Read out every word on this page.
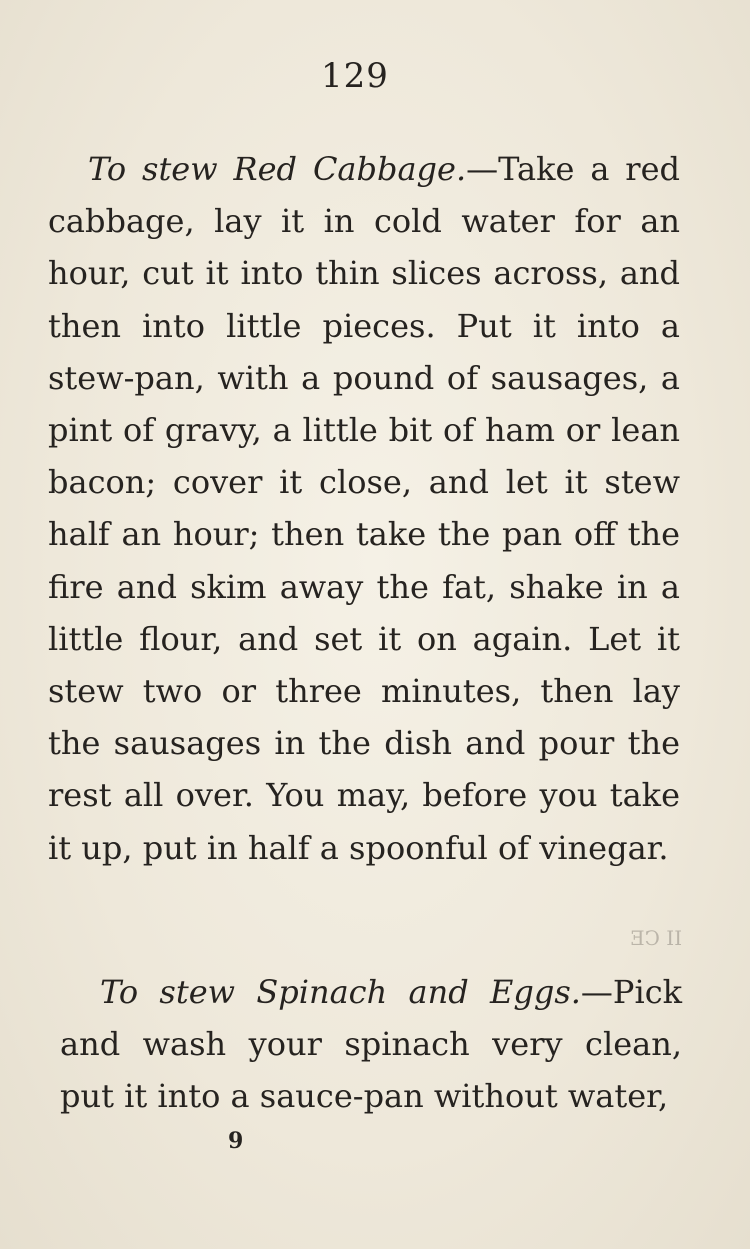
129

To stew Red Cabbage.—Take a red cabbage, lay it in cold water for an hour, cut it into thin slices across, and then into little pieces. Put it into a stew-pan, with a pound of sausages, a pint of gravy, a little bit of ham or lean bacon; cover it close, and let it stew half an hour; then take the pan off the fire and skim away the fat, shake in a little flour, and set it on again. Let it stew two or three minutes, then lay the sausages in the dish and pour the rest all over. You may, before you take it up, put in half a spoonful of vinegar.

II CE

To stew Spinach and Eggs.—Pick and wash your spinach very clean, put it into a sauce-pan without water,

9
